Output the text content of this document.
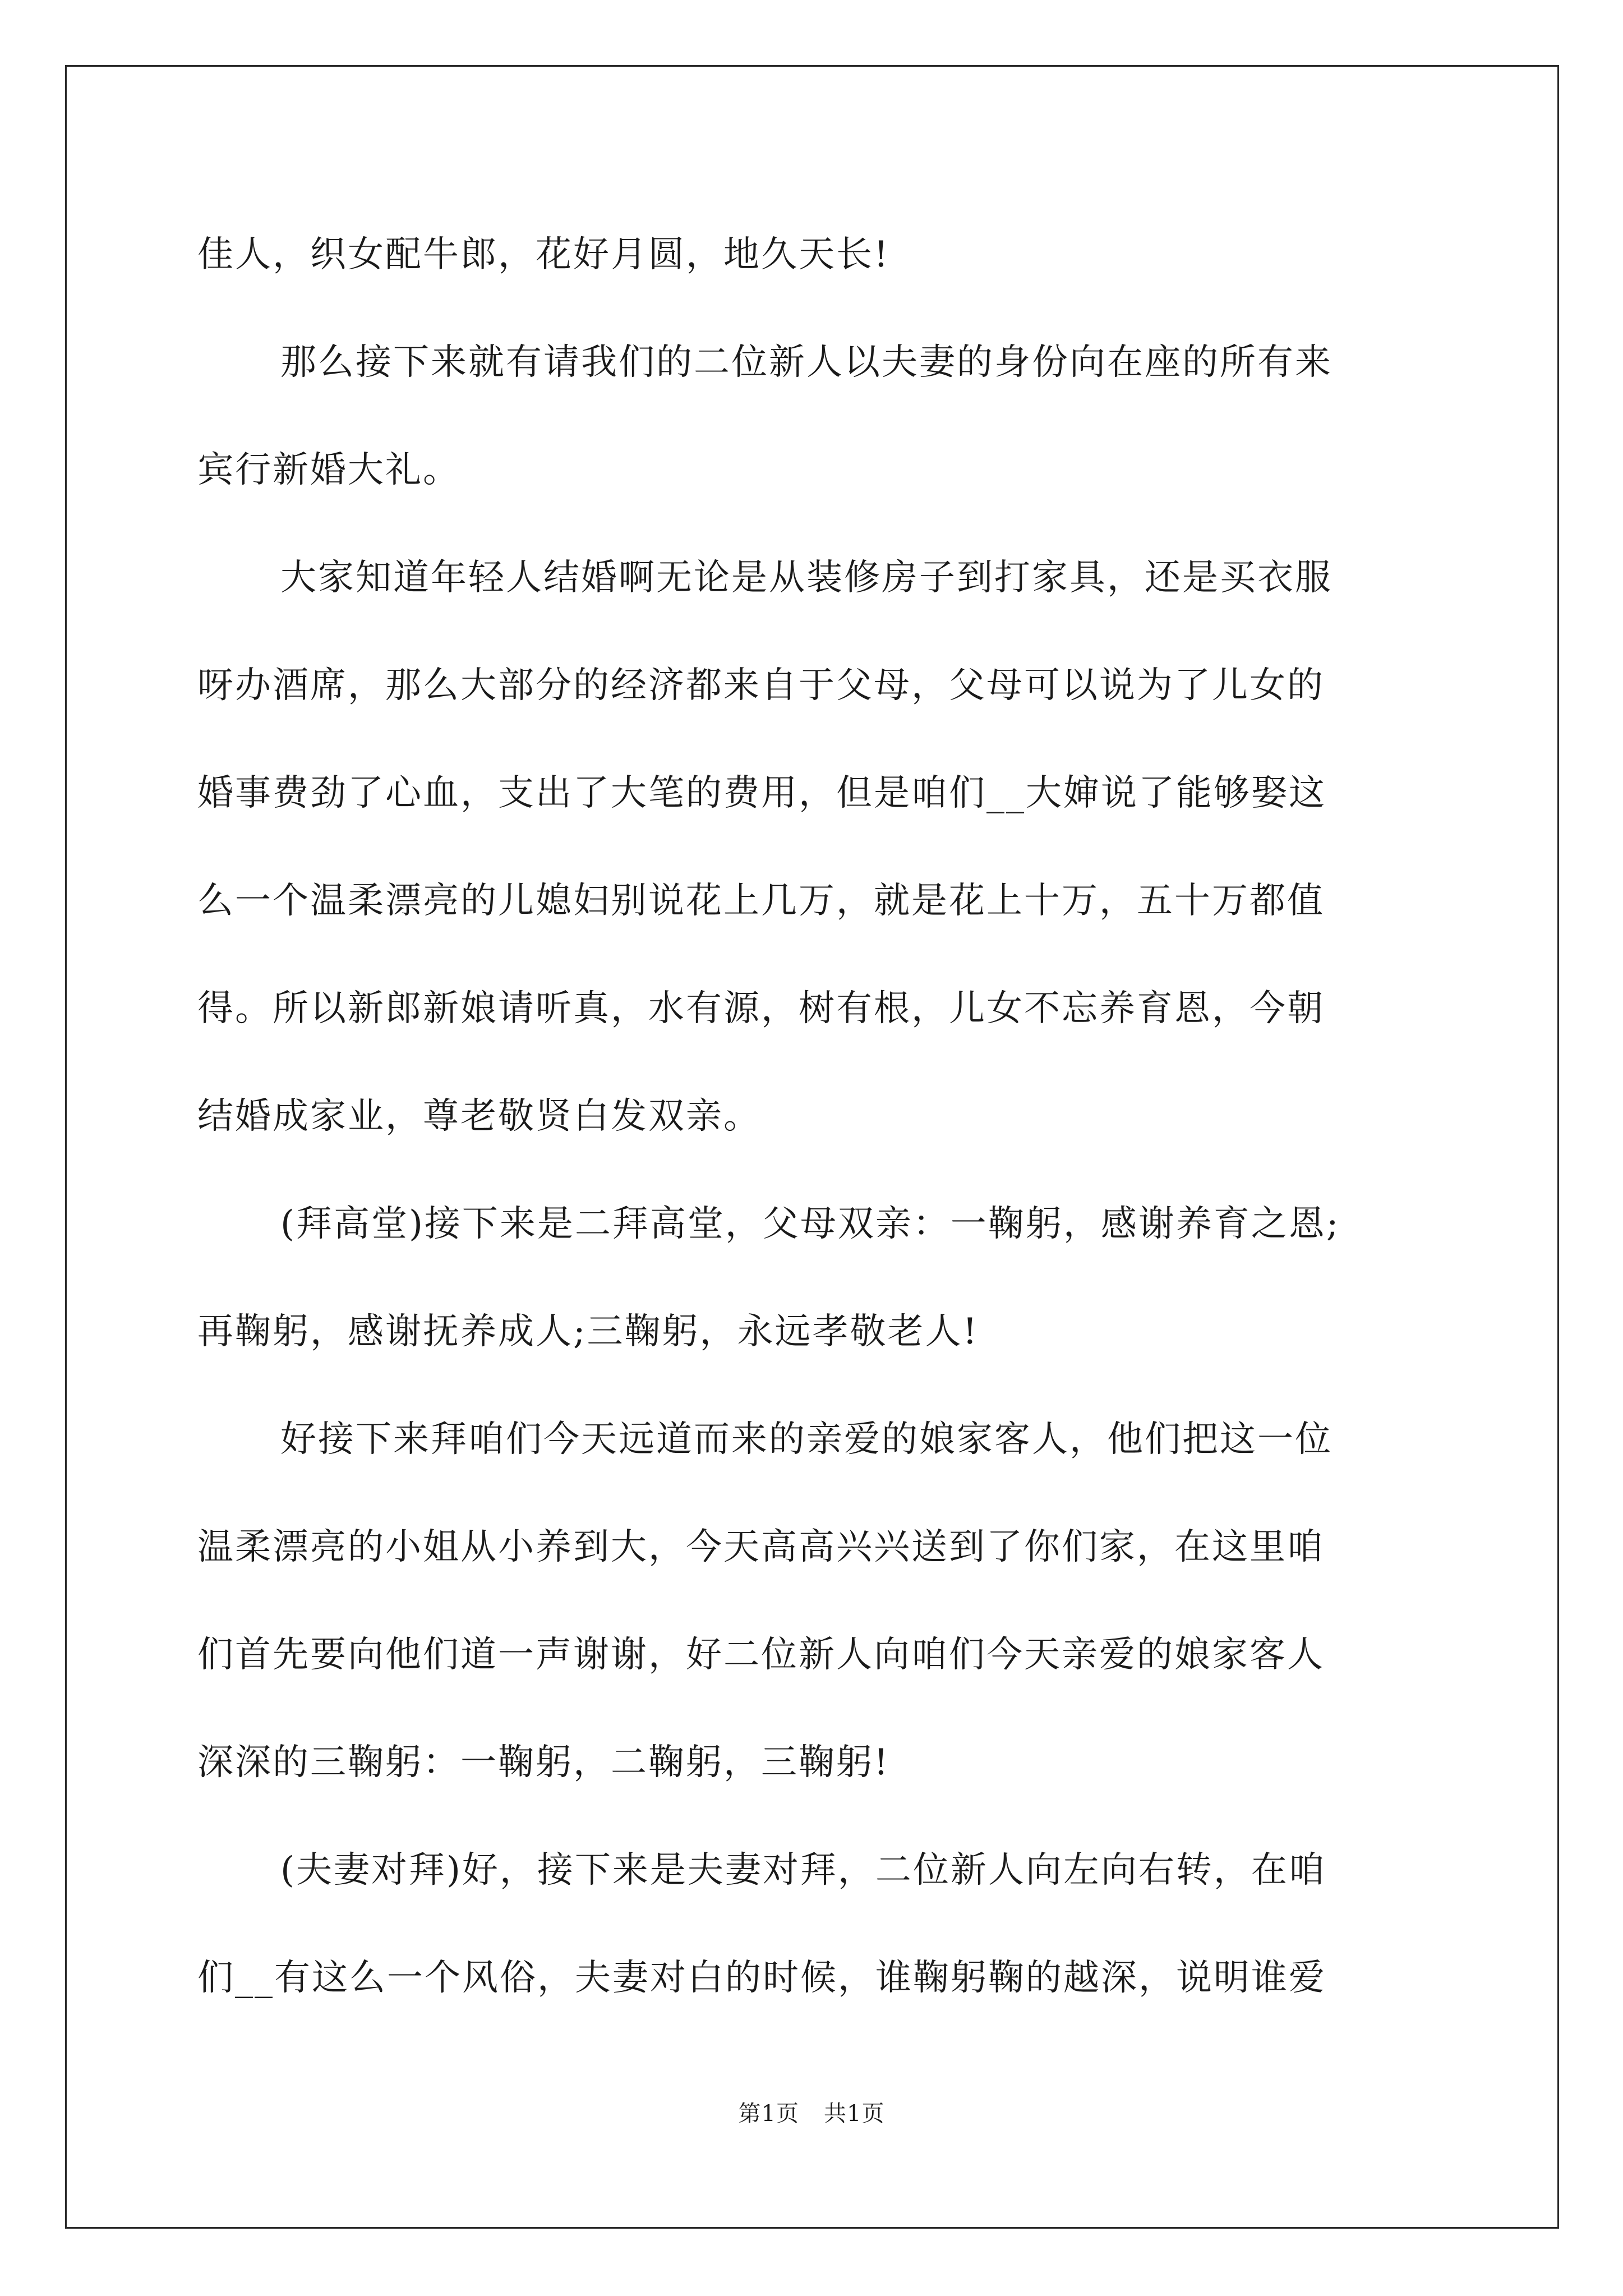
佳人，织女配牛郎，花好月圆，地久天长!
那么接下来就有请我们的二位新人以夫妻的身份向在座的所有来
宾行新婚大礼。
大家知道年轻人结婚啊无论是从装修房子到打家具，还是买衣服
呀办酒席，那么大部分的经济都来自于父母，父母可以说为了儿女的
婚事费劲了心血，支出了大笔的费用，但是咱们__大婶说了能够娶这
么一个温柔漂亮的儿媳妇别说花上几万，就是花上十万，五十万都值
得。所以新郎新娘请听真，水有源，树有根，儿女不忘养育恩，今朝
结婚成家业，尊老敬贤白发双亲。
(拜高堂)接下来是二拜高堂，父母双亲：一鞠躬，感谢养育之恩;
再鞠躬，感谢抚养成人;三鞠躬，永远孝敬老人!
好接下来拜咱们今天远道而来的亲爱的娘家客人，他们把这一位
温柔漂亮的小姐从小养到大，今天高高兴兴送到了你们家，在这里咱
们首先要向他们道一声谢谢，好二位新人向咱们今天亲爱的娘家客人
深深的三鞠躬：一鞠躬，二鞠躬，三鞠躬!
(夫妻对拜)好，接下来是夫妻对拜，二位新人向左向右转，在咱
们__有这么一个风俗，夫妻对白的时候，谁鞠躬鞠的越深，说明谁爱
第1页 共1页
